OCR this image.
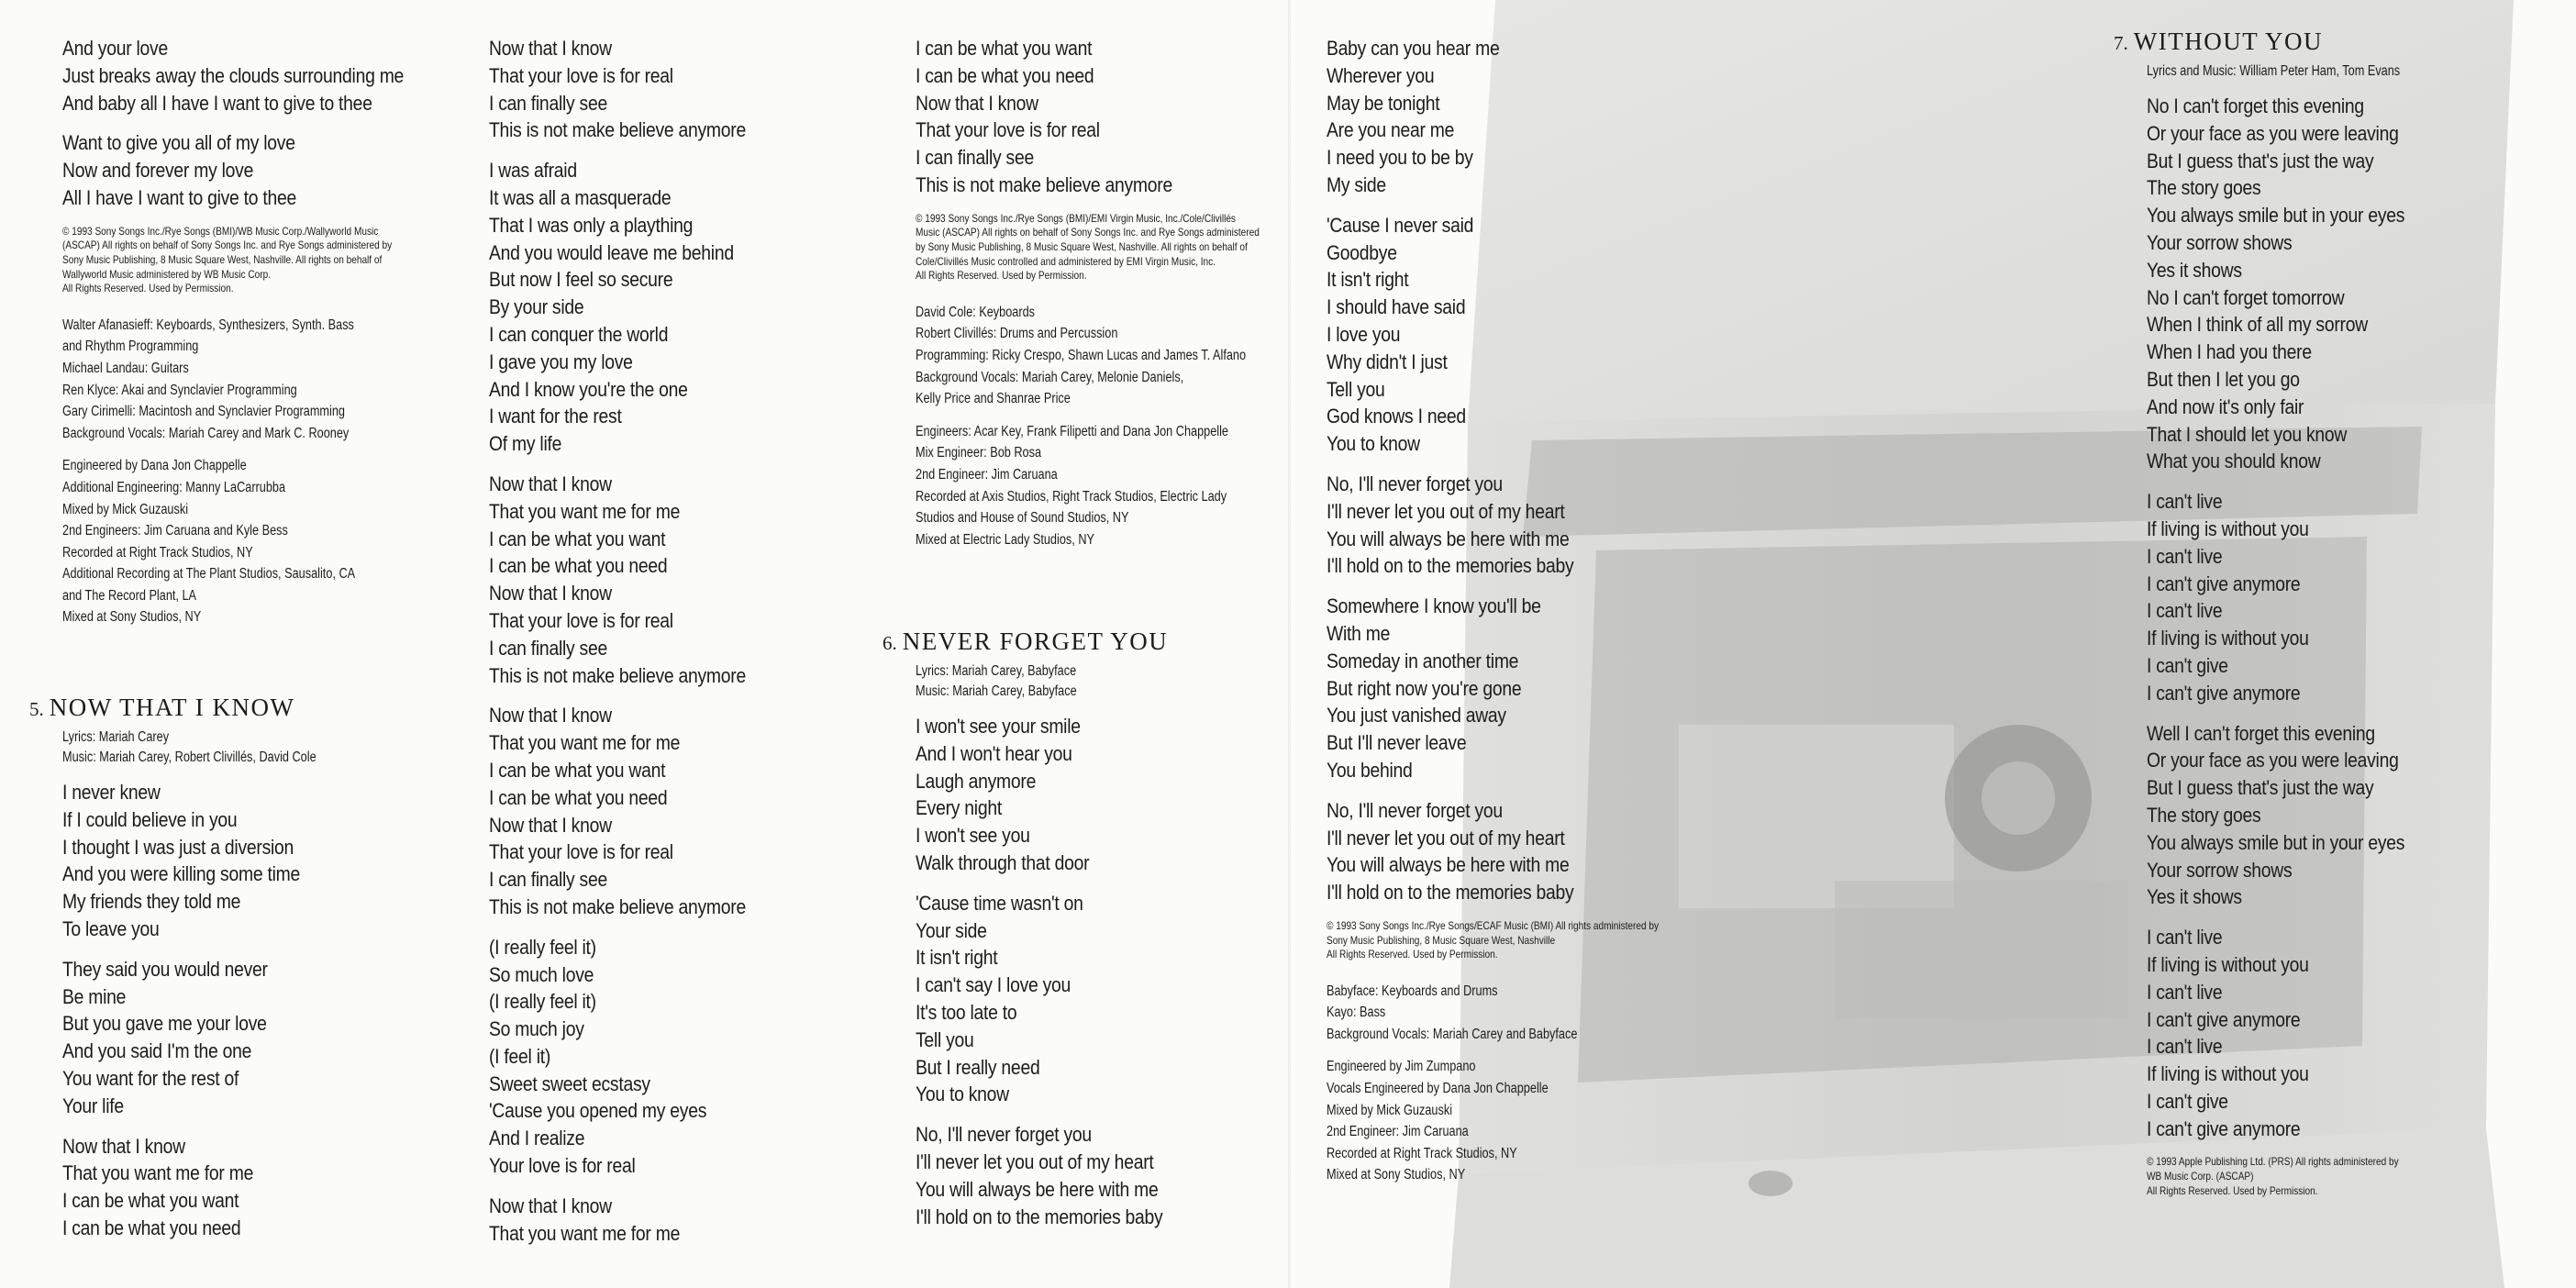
And your love
Just breaks away the clouds surrounding me
And baby all I have I want to give to thee
Want to give you all of my love
Now and forever my love
All I have I want to give to thee
© 1993 Sony Songs Inc./Rye Songs (BMI)/WB Music Corp./Wallyworld Music
(ASCAP) All rights on behalf of Sony Songs Inc. and Rye Songs administered by
Sony Music Publishing, 8 Music Square West, Nashville. All rights on behalf of
Wallyworld Music administered by WB Music Corp.
All Rights Reserved. Used by Permission.
Walter Afanasieff: Keyboards, Synthesizers, Synth. Bass
and Rhythm Programming
Michael Landau: Guitars
Ren Klyce: Akai and Synclavier Programming
Gary Cirimelli: Macintosh and Synclavier Programming
Background Vocals: Mariah Carey and Mark C. Rooney
Engineered by Dana Jon Chappelle
Additional Engineering: Manny LaCarrubba
Mixed by Mick Guzauski
2nd Engineers: Jim Caruana and Kyle Bess
Recorded at Right Track Studios, NY
Additional Recording at The Plant Studios, Sausalito, CA
and The Record Plant, LA
Mixed at Sony Studios, NY
5. NOW THAT I KNOW
Lyrics: Mariah Carey
Music: Mariah Carey, Robert Clivillés, David Cole
I never knew
If I could believe in you
I thought I was just a diversion
And you were killing some time
My friends they told me
To leave you
They said you would never
Be mine
But you gave me your love
And you said I'm the one
You want for the rest of
Your life
Now that I know
That you want me for me
I can be what you want
I can be what you need
Now that I know
That your love is for real
I can finally see
This is not make believe anymore
I was afraid
It was all a masquerade
That I was only a plaything
And you would leave me behind
But now I feel so secure
By your side
I can conquer the world
I gave you my love
And I know you're the one
I want for the rest
Of my life
Now that I know
That you want me for me
I can be what you want
I can be what you need
Now that I know
That your love is for real
I can finally see
This is not make believe anymore
Now that I know
That you want me for me
I can be what you want
I can be what you need
Now that I know
That your love is for real
I can finally see
This is not make believe anymore
(I really feel it)
So much love
(I really feel it)
So much joy
(I feel it)
Sweet sweet ecstasy
'Cause you opened my eyes
And I realize
Your love is for real
Now that I know
That you want me for me
I can be what you want
I can be what you need
Now that I know
That your love is for real
I can finally see
This is not make believe anymore
© 1993 Sony Songs Inc./Rye Songs (BMI)/EMI Virgin Music, Inc./Cole/Clivillés
Music (ASCAP) All rights on behalf of Sony Songs Inc. and Rye Songs administered
by Sony Music Publishing, 8 Music Square West, Nashville. All rights on behalf of
Cole/Clivillés Music controlled and administered by EMI Virgin Music, Inc.
All Rights Reserved. Used by Permission.
David Cole: Keyboards
Robert Clivillés: Drums and Percussion
Programming: Ricky Crespo, Shawn Lucas and James T. Alfano
Background Vocals: Mariah Carey, Melonie Daniels,
Kelly Price and Shanrae Price
Engineers: Acar Key, Frank Filipetti and Dana Jon Chappelle
Mix Engineer: Bob Rosa
2nd Engineer: Jim Caruana
Recorded at Axis Studios, Right Track Studios, Electric Lady
Studios and House of Sound Studios, NY
Mixed at Electric Lady Studios, NY
6. NEVER FORGET YOU
Lyrics: Mariah Carey, Babyface
Music: Mariah Carey, Babyface
I won't see your smile
And I won't hear you
Laugh anymore
Every night
I won't see you
Walk through that door
'Cause time wasn't on
Your side
It isn't right
I can't say I love you
It's too late to
Tell you
But I really need
You to know
No, I'll never forget you
I'll never let you out of my heart
You will always be here with me
I'll hold on to the memories baby
Baby can you hear me
Wherever you
May be tonight
Are you near me
I need you to be by
My side
'Cause I never said
Goodbye
It isn't right
I should have said
I love you
Why didn't I just
Tell you
God knows I need
You to know
No, I'll never forget you
I'll never let you out of my heart
You will always be here with me
I'll hold on to the memories baby
Somewhere I know you'll be
With me
Someday in another time
But right now you're gone
You just vanished away
But I'll never leave
You behind
No, I'll never forget you
I'll never let you out of my heart
You will always be here with me
I'll hold on to the memories baby
© 1993 Sony Songs Inc./Rye Songs/ECAF Music (BMI) All rights administered by
Sony Music Publishing, 8 Music Square West, Nashville
All Rights Reserved. Used by Permission.
Babyface: Keyboards and Drums
Kayo: Bass
Background Vocals: Mariah Carey and Babyface
Engineered by Jim Zumpano
Vocals Engineered by Dana Jon Chappelle
Mixed by Mick Guzauski
2nd Engineer: Jim Caruana
Recorded at Right Track Studios, NY
Mixed at Sony Studios, NY
7. WITHOUT YOU
Lyrics and Music: William Peter Ham, Tom Evans
No I can't forget this evening
Or your face as you were leaving
But I guess that's just the way
The story goes
You always smile but in your eyes
Your sorrow shows
Yes it shows
No I can't forget tomorrow
When I think of all my sorrow
When I had you there
But then I let you go
And now it's only fair
That I should let you know
What you should know
I can't live
If living is without you
I can't live
I can't give anymore
I can't live
If living is without you
I can't give
I can't give anymore
Well I can't forget this evening
Or your face as you were leaving
But I guess that's just the way
The story goes
You always smile but in your eyes
Your sorrow shows
Yes it shows
I can't live
If living is without you
I can't live
I can't give anymore
I can't live
If living is without you
I can't give
I can't give anymore
© 1993 Apple Publishing Ltd. (PRS) All rights administered by
WB Music Corp. (ASCAP)
All Rights Reserved. Used by Permission.
